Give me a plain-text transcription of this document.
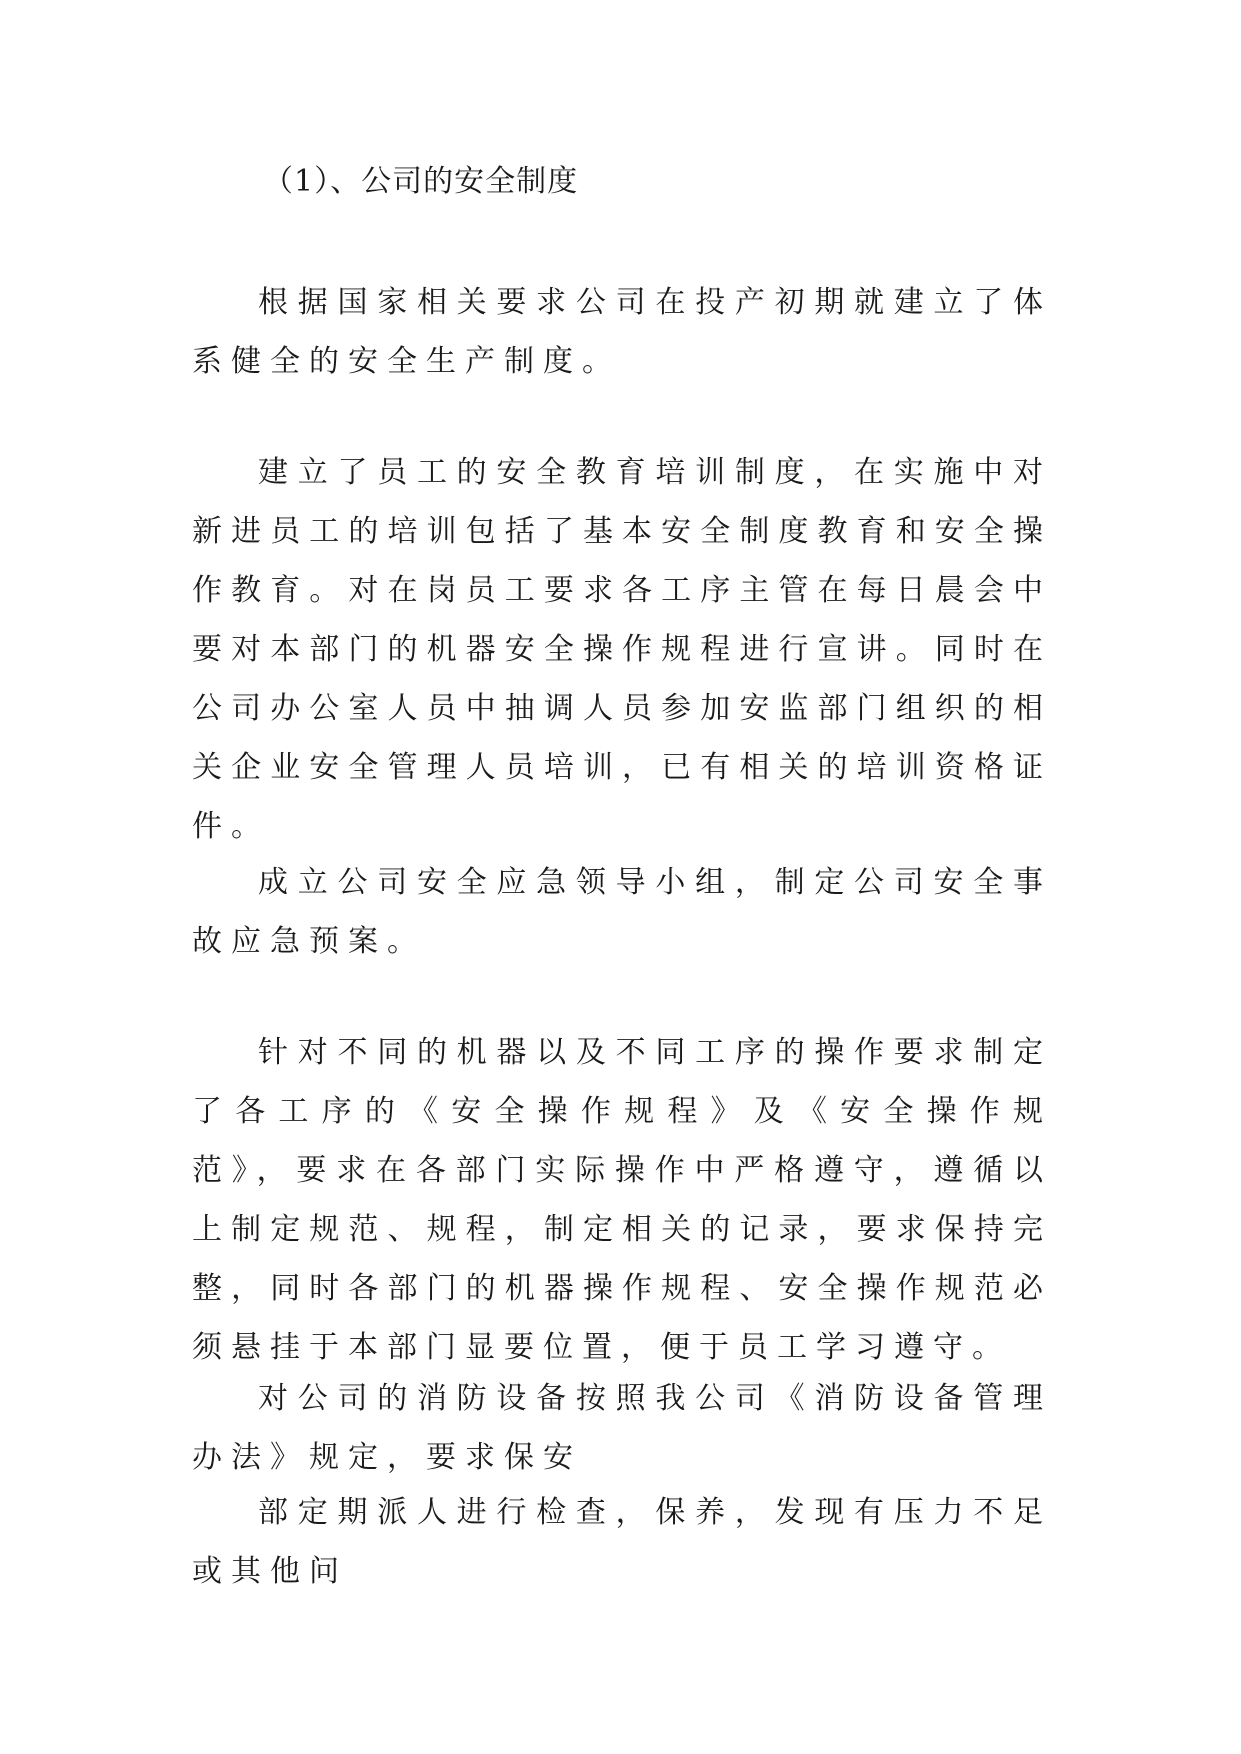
（1）、公司的安全制度

根据国家相关要求公司在投产初期就建立了体系健全的安全生产制度。

建立了员工的安全教育培训制度，在实施中对新进员工的培训包括了基本安全制度教育和安全操作教育。对在岗员工要求各工序主管在每日晨会中要对本部门的机器安全操作规程进行宣讲。同时在公司办公室人员中抽调人员参加安监部门组织的相关企业安全管理人员培训，已有相关的培训资格证件。

成立公司安全应急领导小组，制定公司安全事故应急预案。

针对不同的机器以及不同工序的操作要求制定了各工序的《安全操作规程》及《安全操作规范》，要求在各部门实际操作中严格遵守，遵循以上制定规范、规程，制定相关的记录，要求保持完整，同时各部门的机器操作规程、安全操作规范必须悬挂于本部门显要位置，便于员工学习遵守。

对公司的消防设备按照我公司《消防设备管理办法》规定，要求保安

部定期派人进行检查，保养，发现有压力不足或其他问
